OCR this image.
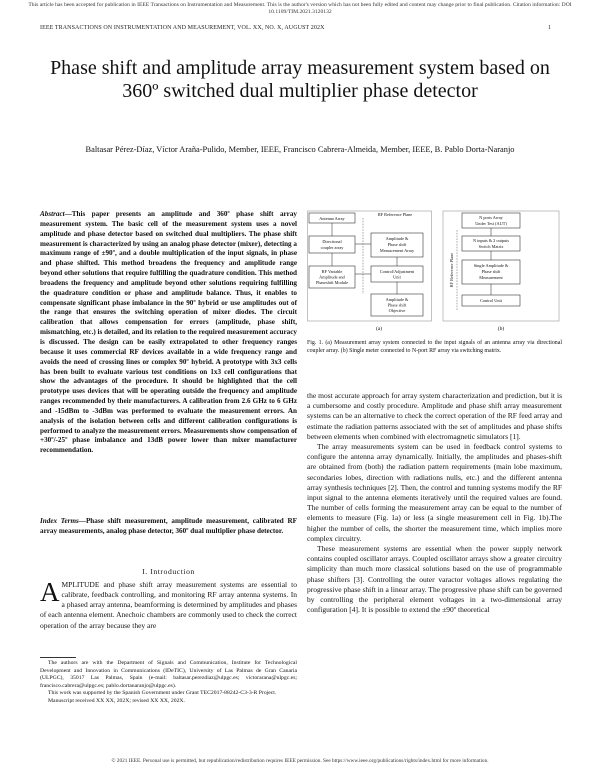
This article has been accepted for publication in IEEE Transactions on Instrumentation and Measurement. This is the author's version which has not been fully edited and content may change prior to final publication. Citation information: DOI 10.1109/TIM.2021.3120132
IEEE TRANSACTIONS ON INSTRUMENTATION AND MEASUREMENT, VOL. XX, NO. X, AUGUST 202X	1
Phase shift and amplitude array measurement system based on 360º switched dual multiplier phase detector
Baltasar Pérez-Díaz, Víctor Araña-Pulido, Member, IEEE, Francisco Cabrera-Almeida, Member, IEEE, B. Pablo Dorta-Naranjo
Abstract—This paper presents an amplitude and 360º phase shift array measurement system. The basic cell of the measurement system uses a novel amplitude and phase detector based on switched dual multipliers. The phase shift measurement is characterized by using an analog phase detector (mixer), detecting a maximum range of ±90º, and a double multiplication of the input signals, in phase and phase shifted. This method broadens the frequency and amplitude range beyond other solutions that require fulfilling the quadrature condition. This method broadens the frequency and amplitude beyond other solutions requiring fulfilling the quadrature condition or phase and amplitude balance. Thus, it enables to compensate significant phase imbalance in the 90º hybrid or use amplitudes out of the range that ensures the switching operation of mixer diodes. The circuit calibration that allows compensation for errors (amplitude, phase shift, mismatching, etc.) is detailed, and its relation to the required measurement accuracy is discussed. The design can be easily extrapolated to other frequency ranges because it uses commercial RF devices available in a wide frequency range and avoids the need of crossing lines or complex 90º hybrid. A prototype with 3x3 cells has been built to evaluate various test conditions on 1x3 cell configurations that show the advantages of the procedure. It should be highlighted that the cell prototype uses devices that will be operating outside the frequency and amplitude ranges recommended by their manufacturers. A calibration from 2.6 GHz to 6 GHz and -15dBm to -3dBm was performed to evaluate the measurement errors. An analysis of the isolation between cells and different calibration configurations is performed to analyze the measurement errors. Measurements show compensation of +30º/-25º phase imbalance and 13dB power lower than mixer manufacturer recommendation.
Index Terms—Phase shift measurement, amplitude measurement, calibrated RF array measurements, analog phase detector, 360º dual multiplier phase detector.
I. Introduction
AMPLITUDE and phase shift array measurement systems are essential to calibrate, feedback controlling, and monitoring RF array antenna systems. In a phased array antenna, beamforming is determined by amplitudes and phases of each antenna element. Anechoic chambers are commonly used to check the correct operation of the array because they are

The authors are with the Department of Signals and Communication, Institute for Technological Development and Innovation in Communications (IDeTIC), University of Las Palmas de Gran Canaria (ULPGC), 35017 Las Palmas, Spain (e-mail: baltasar.perezdiaz@ulpgc.es; victorarana@ulpgc.es; francisco.cabrera@ulpgc.es; pablo.dortanaranjo@ulpgc.es).

This work was supported by the Spanish Government under Grant TEC2017-88242-C3-3-R Project.

Manuscript received XX XX, 202X; revised XX XX, 202X.

Antenna Array
Directional
coupler array
RF Variable
Amplitude and
Phaseshift Module
RF Reference Plane
Amplitude &
Phase shift
Measurement Array
Control/Adjustment
Unit
Amplitude &
Phase shift
Objective
(a)
N ports Array
Under Test (AUT)
N inputs & 2 outputs
Switch Matrix
Single Amplitude &
Phase shift
Measurement
Control Unit
RF Reference Plane
(b)
Fig. 1. (a) Measurement array system connected to the input signals of an antenna array via directional coupler array. (b) Single meter connected to N-port RF array via switching matrix.

the most accurate approach for array system characterization and prediction, but it is a cumbersome and costly procedure. Amplitude and phase shift array measurement systems can be an alternative to check the correct operation of the RF feed array and estimate the radiation patterns associated with the set of amplitudes and phase shifts between elements when combined with electromagnetic simulators [1].

The array measurements system can be used in feedback control systems to configure the antenna array dynamically. Initially, the amplitudes and phases-shift are obtained from (both) the radiation pattern requirements (main lobe maximum, secondaries lobes, direction with radiations nulls, etc.) and the different antenna array synthesis techniques [2]. Then, the control and tunning systems modify the RF input signal to the antenna elements iteratively until the required values are found. The number of cells forming the measurement array can be equal to the number of elements to measure (Fig. 1a) or less (a single measurement cell in Fig. 1b).The higher the number of cells, the shorter the measurement time, which implies more complex circuitry.

These measurement systems are essential when the power supply network contains coupled oscillator arrays. Coupled oscillator arrays show a greater circuitry simplicity than much more classical solutions based on the use of programmable phase shifters [3]. Controlling the outer varactor voltages allows regulating the progressive phase shift in a linear array. The progressive phase shift can be governed by controlling the peripheral element voltages in a two-dimensional array configuration [4]. It is possible to extend the ±90º theoretical

© 2021 IEEE. Personal use is permitted, but republication/redistribution requires IEEE permission. See https://www.ieee.org/publications/rights/index.html for more information.
